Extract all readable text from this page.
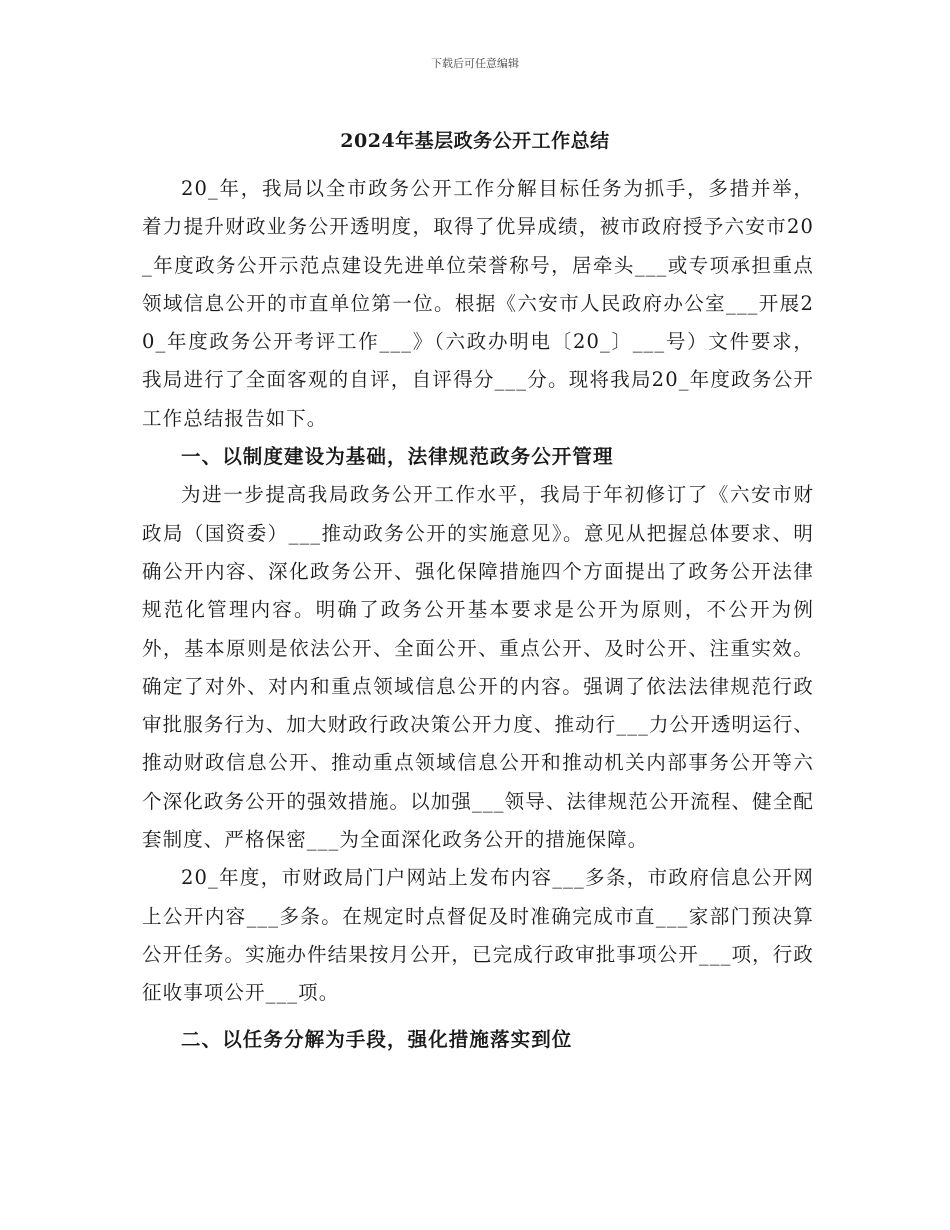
下载后可任意编辑
2024年基层政务公开工作总结

20_年，我局以全市政务公开工作分解目标任务为抓手，多措并举，着力提升财政业务公开透明度，取得了优异成绩，被市政府授予六安市20_年度政务公开示范点建设先进单位荣誉称号，居牵头___或专项承担重点领域信息公开的市直单位第一位。根据《六安市人民政府办公室___开展20_年度政务公开考评工作___》（六政办明电〔20_〕___号）文件要求，我局进行了全面客观的自评，自评得分___分。现将我局20_年度政务公开工作总结报告如下。

一、以制度建设为基础，法律规范政务公开管理

为进一步提高我局政务公开工作水平，我局于年初修订了《六安市财政局（国资委）___推动政务公开的实施意见》。意见从把握总体要求、明确公开内容、深化政务公开、强化保障措施四个方面提出了政务公开法律规范化管理内容。明确了政务公开基本要求是公开为原则，不公开为例外，基本原则是依法公开、全面公开、重点公开、及时公开、注重实效。确定了对外、对内和重点领域信息公开的内容。强调了依法法律规范行政审批服务行为、加大财政行政决策公开力度、推动行___力公开透明运行、推动财政信息公开、推动重点领域信息公开和推动机关内部事务公开等六个深化政务公开的强效措施。以加强___领导、法律规范公开流程、健全配套制度、严格保密___为全面深化政务公开的措施保障。

20_年度，市财政局门户网站上发布内容___多条，市政府信息公开网上公开内容___多条。在规定时点督促及时准确完成市直___家部门预决算公开任务。实施办件结果按月公开，已完成行政审批事项公开___项，行政征收事项公开___项。

二、以任务分解为手段，强化措施落实到位
